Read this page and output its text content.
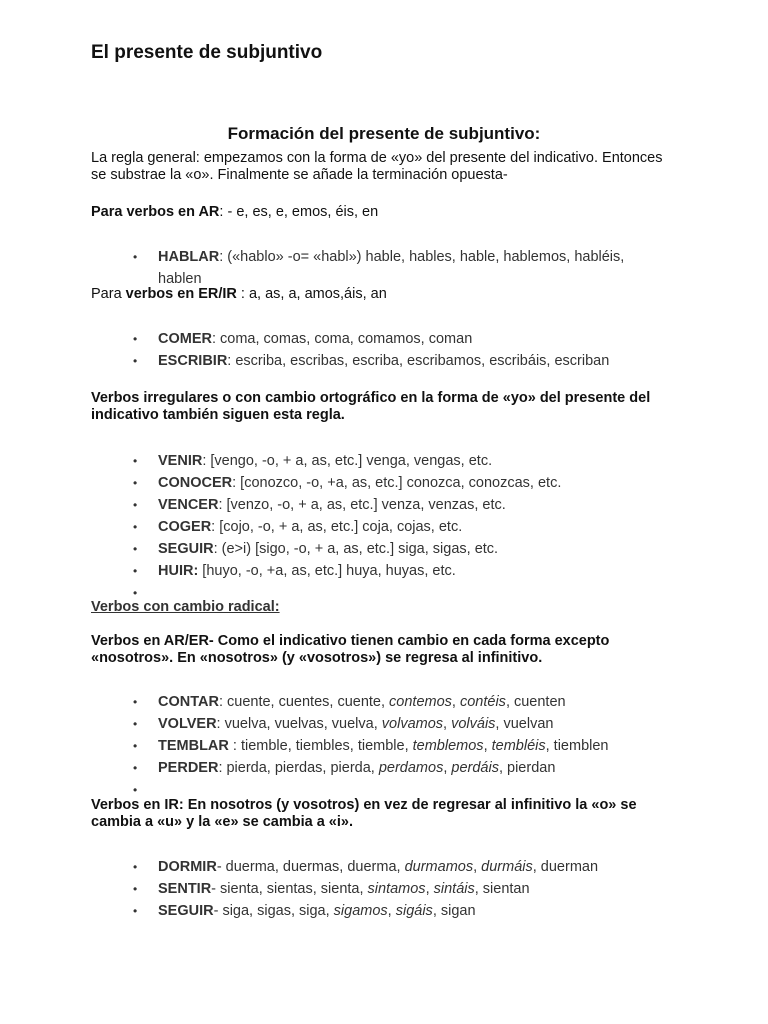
El presente de subjuntivo
Formación del presente de subjuntivo:

La regla general: empezamos con la forma de «yo» del presente del indicativo. Entonces se substrae la «o». Finalmente se añade la terminación opuesta-

Para verbos en AR: - e, es, e, emos, éis, en

• HABLAR: («hablo» -o= «habl») hable, hables, hable, hablemos, habléis,
hablen

Para verbos en ER/IR : a, as, a, amos,áis, an

• COMER: coma, comas, coma, comamos, coman
• ESCRIBIR: escriba, escribas, escriba, escribamos, escribáis, escriban

Verbos irregulares o con cambio ortográfico en la forma de «yo» del presente del indicativo también siguen esta regla.

• VENIR: [vengo, -o, + a, as, etc.] venga, vengas, etc.
• CONOCER: [conozco, -o, +a, as, etc.] conozca, conozcas, etc.
• VENCER: [venzo, -o, + a, as, etc.] venza, venzas, etc.
• COGER: [cojo, -o, + a, as, etc.] coja, cojas, etc.
• SEGUIR: (e>i) [sigo, -o, + a, as, etc.] siga, sigas, etc.
• HUIR: [huyo, -o, +a, as, etc.] huya, huyas, etc.
•

Verbos con cambio radical:

Verbos en AR/ER- Como el indicativo tienen cambio en cada forma excepto «nosotros». En «nosotros» (y «vosotros») se regresa al infinitivo.

• CONTAR: cuente, cuentes, cuente, contemos, contéis, cuenten
• VOLVER: vuelva, vuelvas, vuelva, volvamos, volváis, vuelvan
• TEMBLAR : tiemble, tiembles, tiemble, temblemos, tembléis, tiemblen
• PERDER: pierda, pierdas, pierda, perdamos, perdáis, pierdan
•

Verbos en IR: En nosotros (y vosotros) en vez de regresar al infinitivo la «o» se cambia a «u» y la «e» se cambia a «i».

• DORMIR- duerma, duermas, duerma, durmamos, durmáis, duerman
• SENTIR- sienta, sientas, sienta, sintamos, sintáis, sientan
• SEGUIR- siga, sigas, siga, sigamos, sigáis, sigan
